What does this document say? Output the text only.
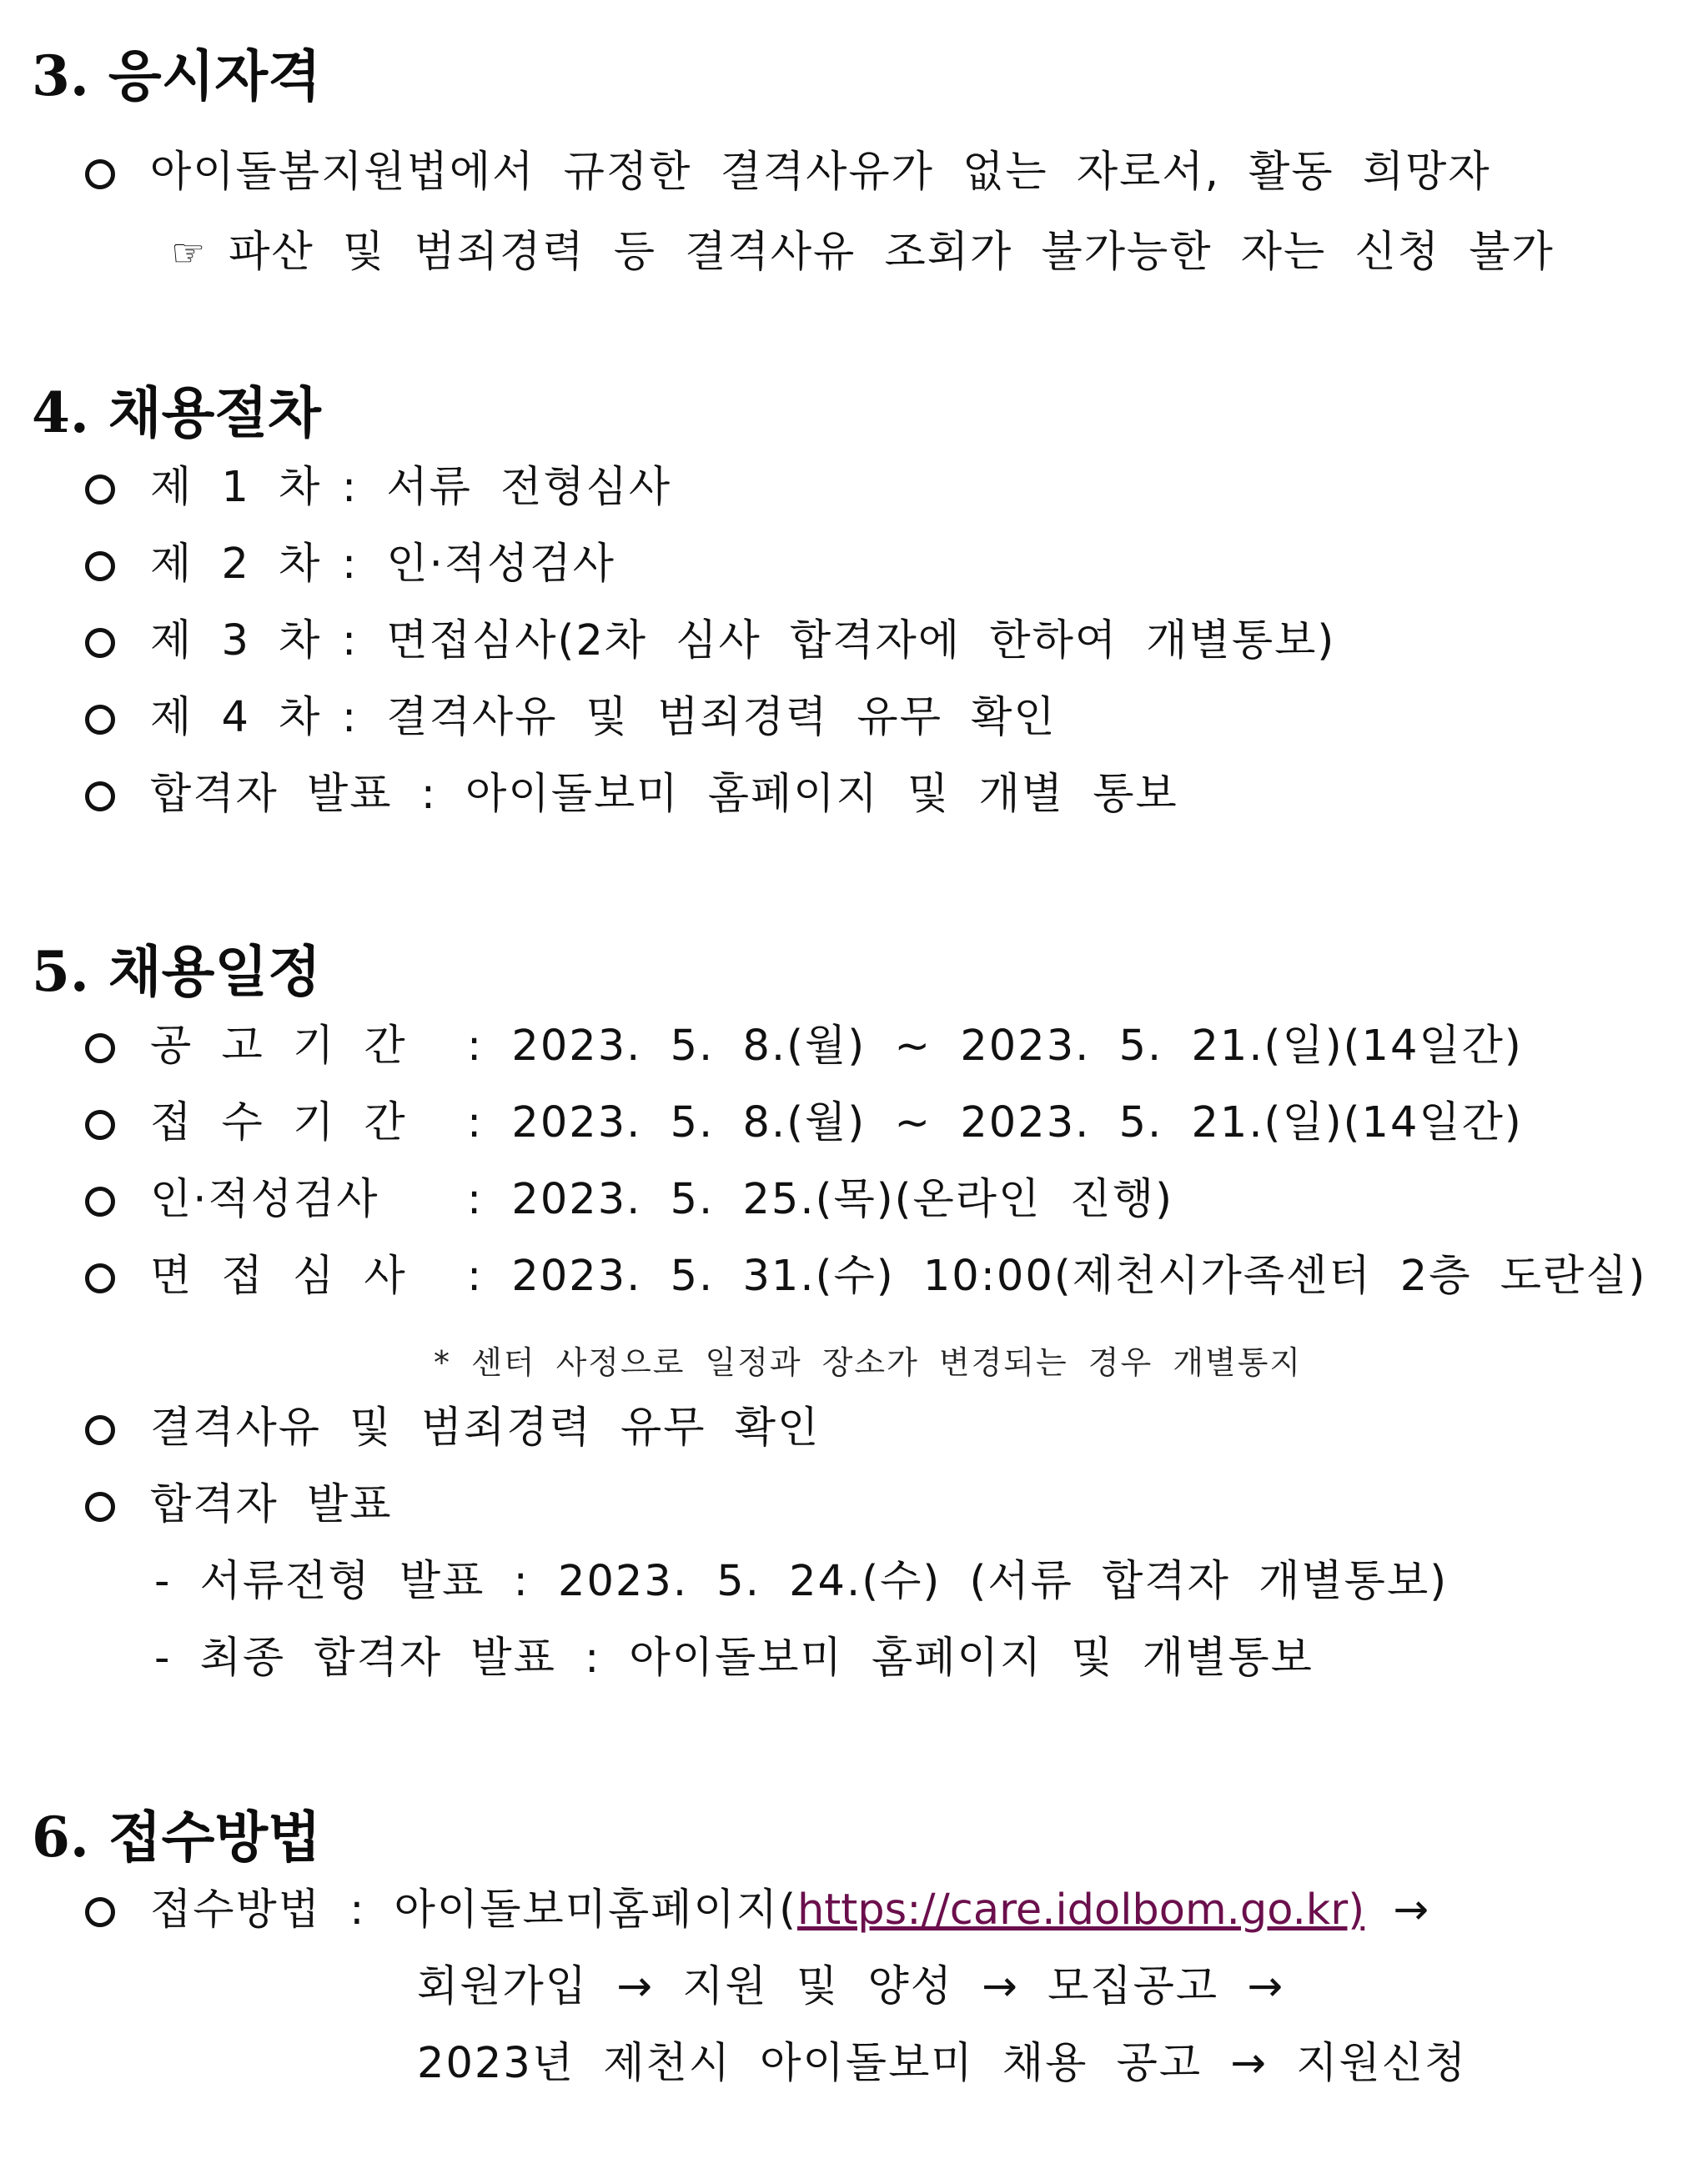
3. 응시자격
아이돌봄지원법에서 규정한 결격사유가 없는 자로서, 활동 희망자
☞ 파산 및 범죄경력 등 결격사유 조회가 불가능한 자는 신청 불가
4. 채용절차
제 1 차 : 서류 전형심사
제 2 차 : 인·적성검사
제 3 차 : 면접심사(2차 심사 합격자에 한하여 개별통보)
제 4 차 : 결격사유 및 범죄경력 유무 확인
합격자 발표 : 아이돌보미 홈페이지 및 개별 통보
5. 채용일정
공 고 기 간 : 2023. 5. 8.(월) ~ 2023. 5. 21.(일)(14일간)
접 수 기 간 : 2023. 5. 8.(월) ~ 2023. 5. 21.(일)(14일간)
인·적성검사 : 2023. 5. 25.(목)(온라인 진행)
면 접 심 사 : 2023. 5. 31.(수) 10:00(제천시가족센터 2층 도란실)
* 센터 사정으로 일정과 장소가 변경되는 경우 개별통지
결격사유 및 범죄경력 유무 확인
합격자 발표
- 서류전형 발표 : 2023. 5. 24.(수) (서류 합격자 개별통보)
- 최종 합격자 발표 : 아이돌보미 홈페이지 및 개별통보
6. 접수방법
접수방법 : 아이돌보미홈페이지(https://care.idolbom.go.kr) →
회원가입 → 지원 및 양성 → 모집공고 →
2023년 제천시 아이돌보미 채용 공고 → 지원신청
